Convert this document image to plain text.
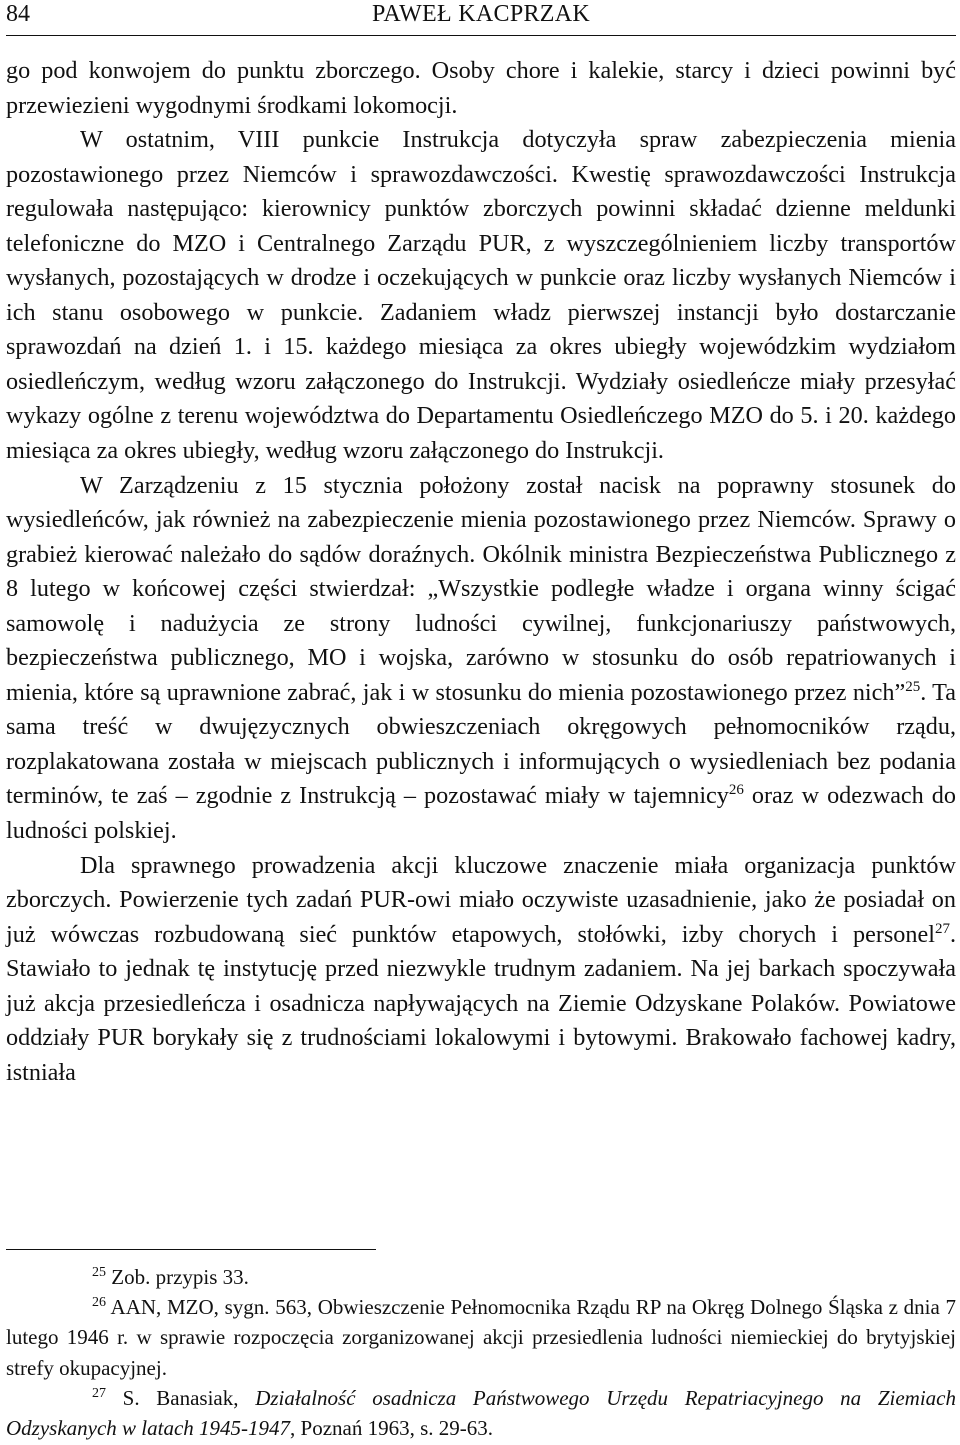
84	PAWEŁ KACPRZAK

go pod konwojem do punktu zborczego. Osoby chore i kalekie, starcy i dzieci powinni być przewiezieni wygodnymi środkami lokomocji.

W ostatnim, VIII punkcie Instrukcja dotyczyła spraw zabezpieczenia mienia pozostawionego przez Niemców i sprawozdawczości. Kwestię sprawozdawczości Instrukcja regulowała następująco: kierownicy punktów zborczych powinni składać dzienne meldunki telefoniczne do MZO i Centralnego Zarządu PUR, z wyszczególnieniem liczby transportów wysłanych, pozostających w drodze i oczekujących w punkcie oraz liczby wysłanych Niemców i ich stanu osobowego w punkcie. Zadaniem władz pierwszej instancji było dostarczanie sprawozdań na dzień 1. i 15. każdego miesiąca za okres ubiegły wojewódzkim wydziałom osiedleńczym, według wzoru załączonego do Instrukcji. Wydziały osiedleńcze miały przesyłać wykazy ogólne z terenu województwa do Departamentu Osiedleńczego MZO do 5. i 20. każdego miesiąca za okres ubiegły, według wzoru załączonego do Instrukcji.

W Zarządzeniu z 15 stycznia położony został nacisk na poprawny stosunek do wysiedleńców, jak również na zabezpieczenie mienia pozostawionego przez Niemców. Sprawy o grabież kierować należało do sądów doraźnych. Okólnik ministra Bezpieczeństwa Publicznego z 8 lutego w końcowej części stwierdzał: „Wszystkie podległe władze i organa winny ścigać samowolę i nadużycia ze strony ludności cywilnej, funkcjonariuszy państwowych, bezpieczeństwa publicznego, MO i wojska, zarówno w stosunku do osób repatriowanych i mienia, które są uprawnione zabrać, jak i w stosunku do mienia pozostawionego przez nich”$^{25}$. Ta sama treść w dwujęzycznych obwieszczeniach okręgowych pełnomocników rządu, rozplakatowana została w miejscach publicznych i informujących o wysiedleniach bez podania terminów, te zaś – zgodnie z Instrukcją – pozostawać miały w tajemnicy$^{26}$ oraz w odezwach do ludności polskiej.

Dla sprawnego prowadzenia akcji kluczowe znaczenie miała organizacja punktów zborczych. Powierzenie tych zadań PUR-owi miało oczywiste uzasadnienie, jako że posiadał on już wówczas rozbudowaną sieć punktów etapowych, stołówki, izby chorych i personel$^{27}$. Stawiało to jednak tę instytucję przed niezwykle trudnym zadaniem. Na jej barkach spoczywała już akcja przesiedleńcza i osadnicza napływających na Ziemie Odzyskane Polaków. Powiatowe oddziały PUR borykały się z trudnościami lokalowymi i bytowymi. Brakowało fachowej kadry, istniała

$^{25}$ Zob. przypis 33.

$^{26}$ AAN, MZO, sygn. 563, Obwieszczenie Pełnomocnika Rządu RP na Okręg Dolnego Śląska z dnia 7 lutego 1946 r. w sprawie rozpoczęcia zorganizowanej akcji przesiedlenia ludności niemieckiej do brytyjskiej strefy okupacyjnej.

$^{27}$ S. Banasiak, Działalność osadnicza Państwowego Urzędu Repatriacyjnego na Ziemiach Odzyskanych w latach 1945-1947, Poznań 1963, s. 29-63.
